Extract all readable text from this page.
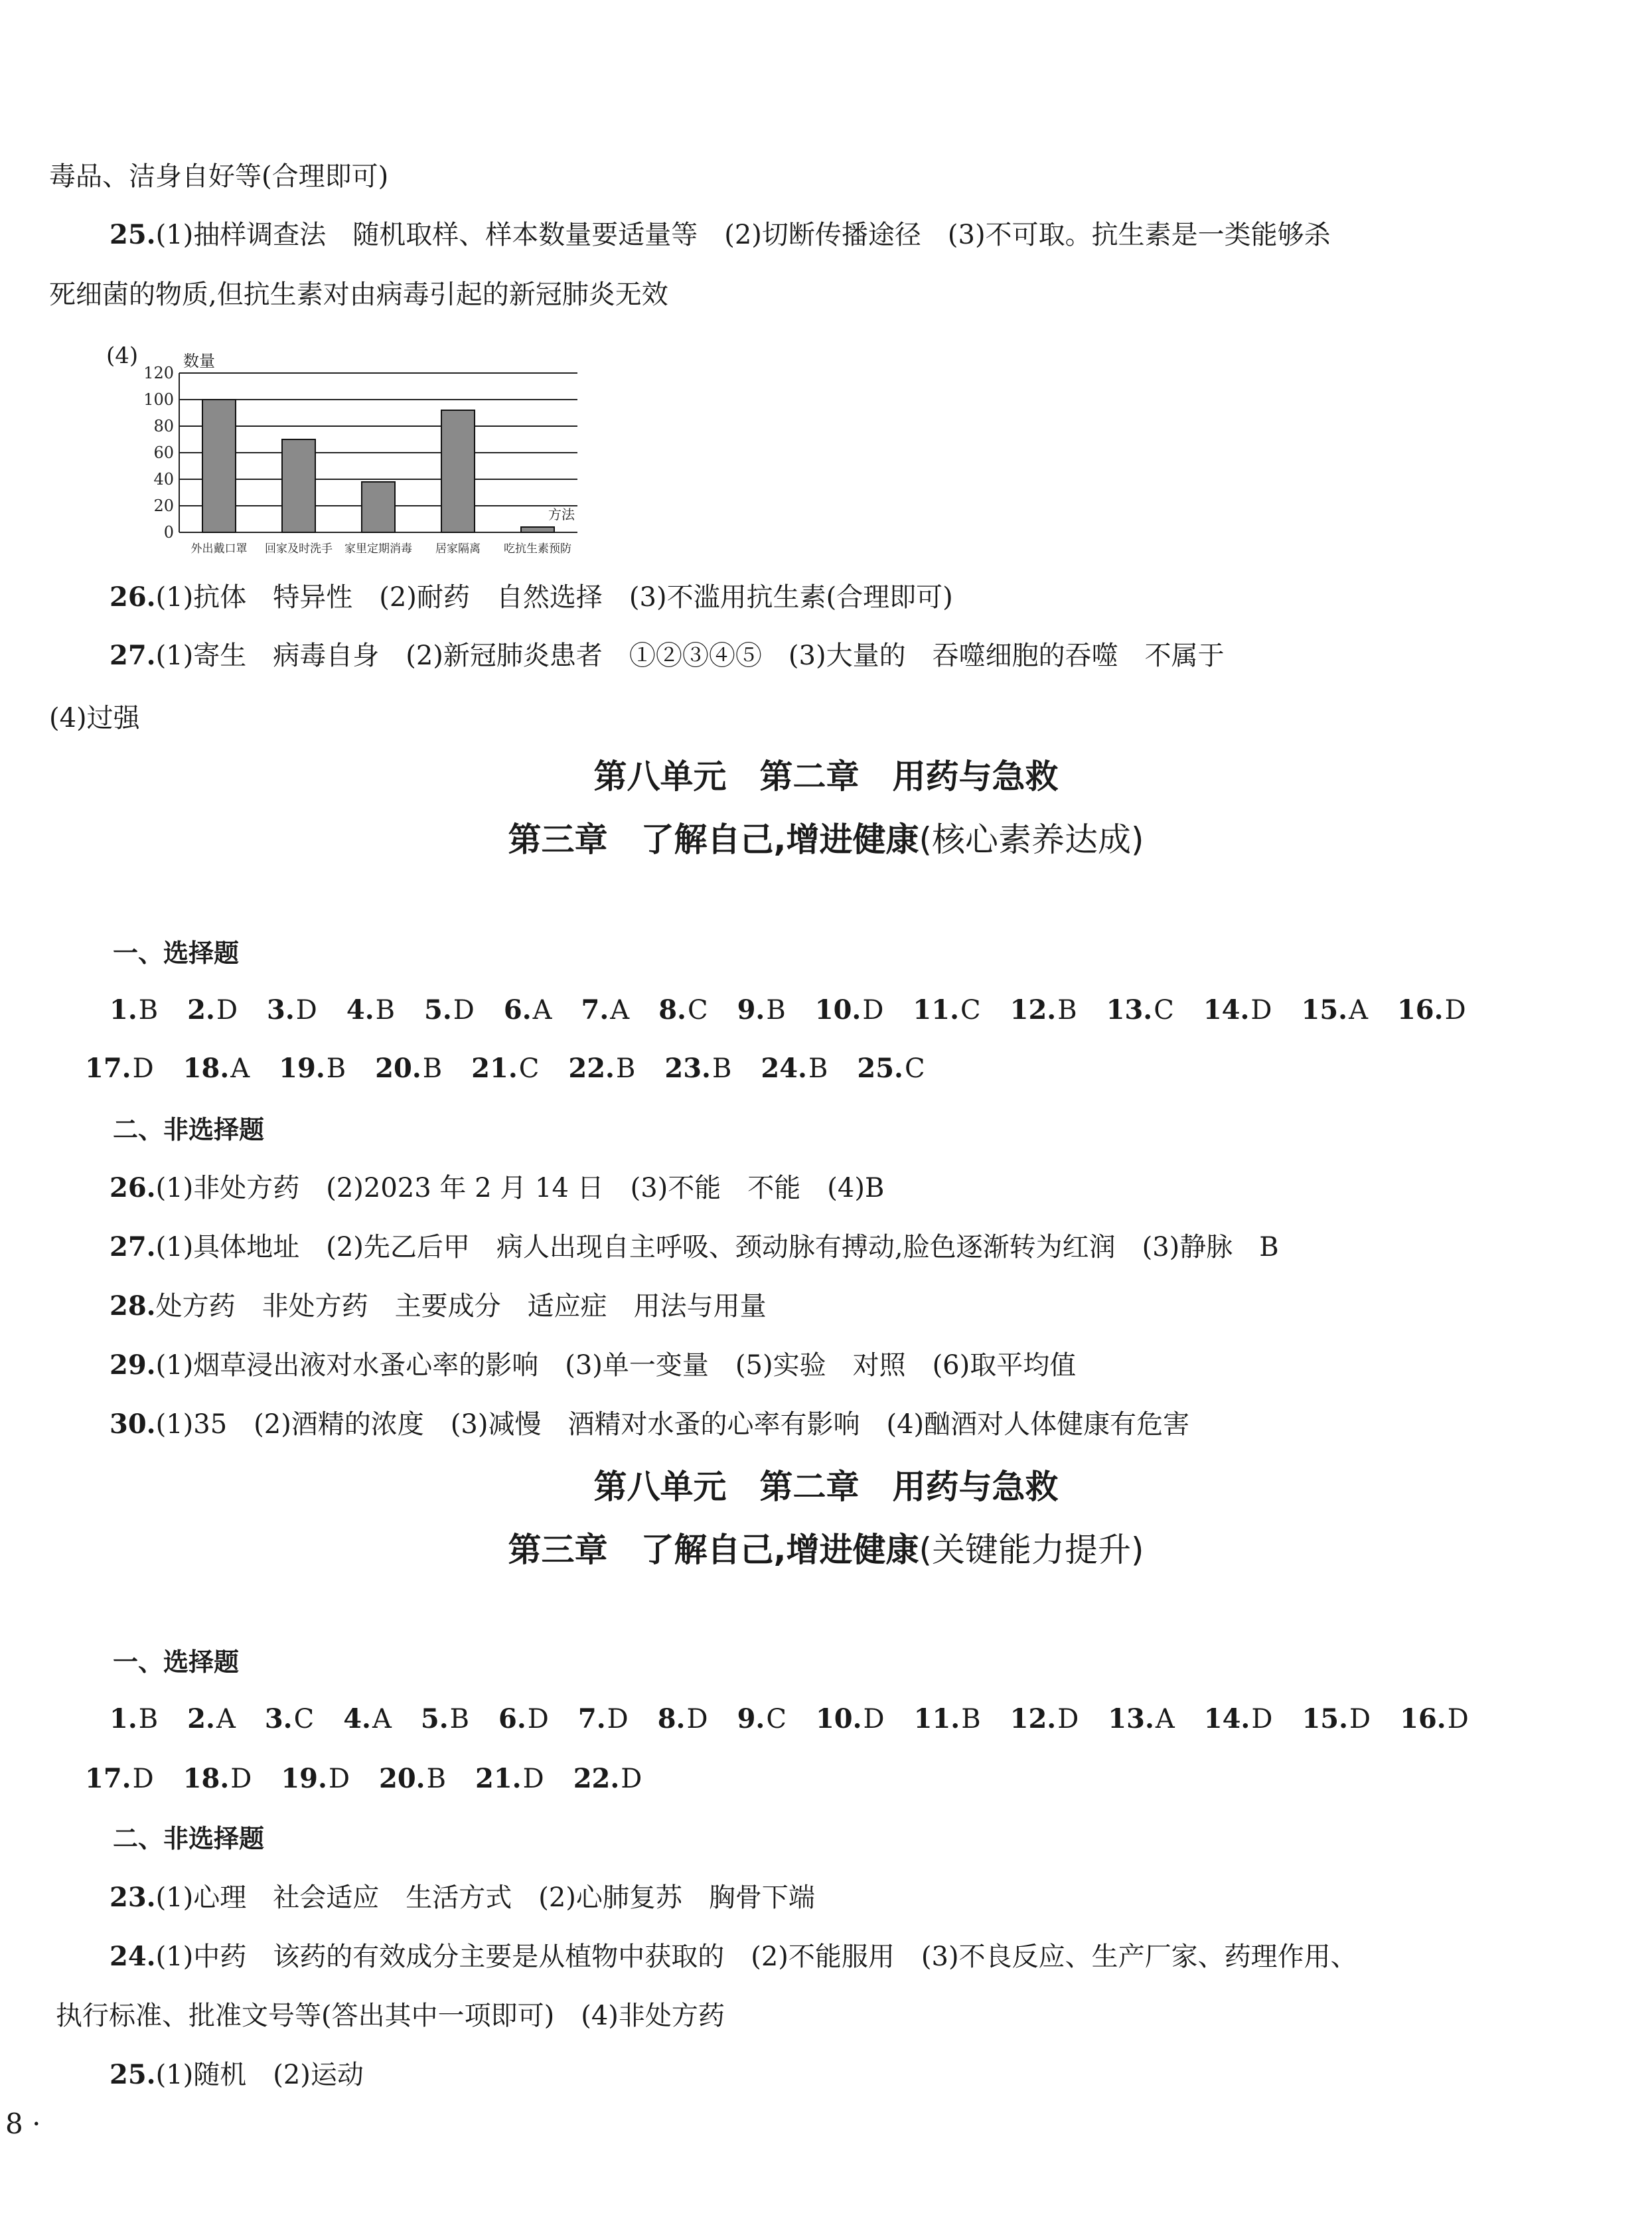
毒品、洁身自好等(合理即可)
25.(1)抽样调查法　随机取样、样本数量要适量等　(2)切断传播途径　(3)不可取。抗生素是一类能够杀
死细菌的物质,但抗生素对由病毒引起的新冠肺炎无效
(4)
0
20
40
60
80
100
120
数量
外出戴口罩 回家及时洗手 家里定期消毒 居家隔离 吃抗生素预防
方法
26.(1)抗体　特异性　(2)耐药　自然选择　(3)不滥用抗生素(合理即可)
27.(1)寄生　病毒自身　(2)新冠肺炎患者　①②③④⑤　(3)大量的　吞噬细胞的吞噬　不属于
(4)过强
第八单元　第二章　用药与急救
第三章　了解自己,增进健康(核心素养达成)
一、选择题
1.B 2.D 3.D 4.B 5.D 6.A 7.A 8.C 9.B 10.D 11.C 12.B 13.C 14.D 15.A 16.D
17.D 18.A 19.B 20.B 21.C 22.B 23.B 24.B 25.C
二、非选择题
26.(1)非处方药　(2)2023 年 2 月 14 日　(3)不能　不能　(4)B
27.(1)具体地址　(2)先乙后甲　病人出现自主呼吸、颈动脉有搏动,脸色逐渐转为红润　(3)静脉　B
28.处方药　非处方药　主要成分　适应症　用法与用量
29.(1)烟草浸出液对水蚤心率的影响　(3)单一变量　(5)实验　对照　(6)取平均值
30.(1)35　(2)酒精的浓度　(3)减慢　酒精对水蚤的心率有影响　(4)酗酒对人体健康有危害
第八单元　第二章　用药与急救
第三章　了解自己,增进健康(关键能力提升)
一、选择题
1.B 2.A 3.C 4.A 5.B 6.D 7.D 8.D 9.C 10.D 11.B 12.D 13.A 14.D 15.D 16.D
17.D 18.D 19.D 20.B 21.D 22.D
二、非选择题
23.(1)心理　社会适应　生活方式　(2)心肺复苏　胸骨下端
24.(1)中药　该药的有效成分主要是从植物中获取的　(2)不能服用　(3)不良反应、生产厂家、药理作用、
执行标准、批准文号等(答出其中一项即可)　(4)非处方药
25.(1)随机　(2)运动
8 ·
